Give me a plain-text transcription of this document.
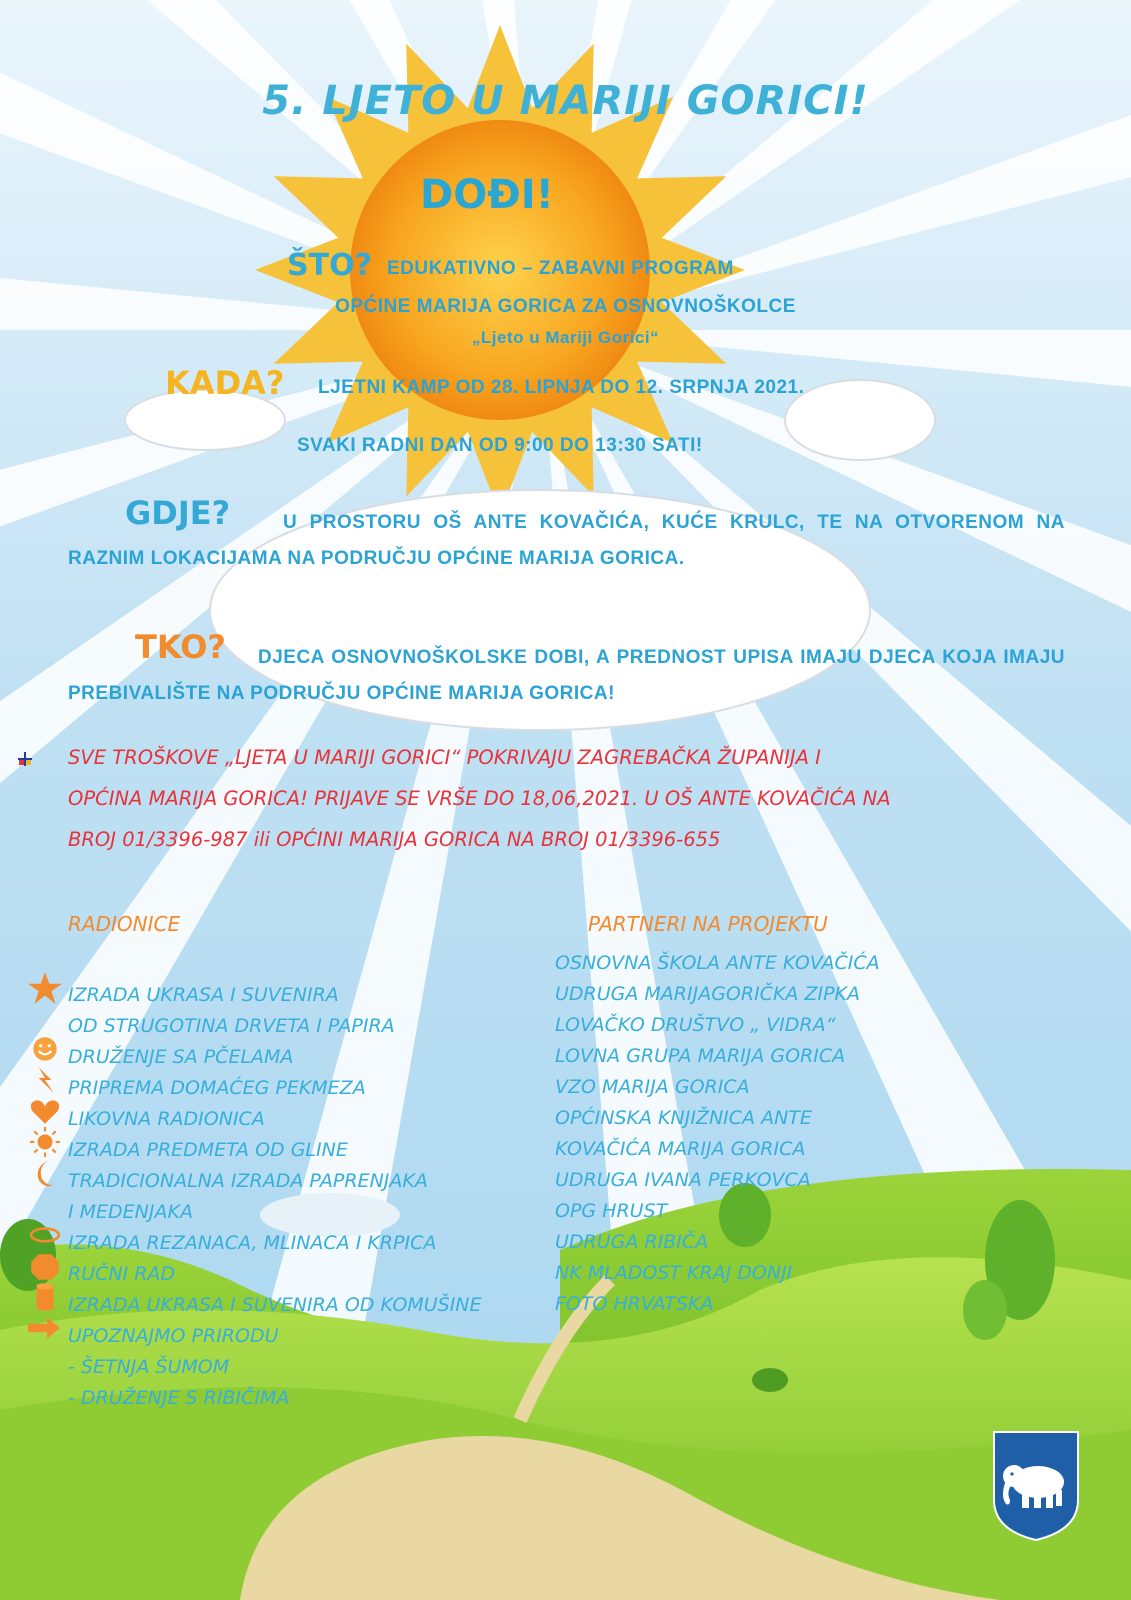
5. LJETO U MARIJI GORICI!
DOĐI!
ŠTO? EDUKATIVNO – ZABAVNI PROGRAM
OPĆINE MARIJA GORICA ZA OSNOVNOŠKOLCE
„Ljeto u Mariji Gorici“
KADA? LJETNI KAMP OD 28. LIPNJA DO 12. SRPNJA 2021.
SVAKI RADNI DAN OD 9:00 DO 13:30 SATI!
GDJE?	U PROSTORU OŠ ANTE KOVAČIĆA, KUĆE KRULC, TE NA OTVORENOM NA RAZNIM LOKACIJAMA NA PODRUČJU OPĆINE MARIJA GORICA.
TKO?	DJECA OSNOVNOŠKOLSKE DOBI, A PREDNOST UPISA IMAJU DJECA KOJA IMAJU PREBIVALIŠTE NA PODRUČJU OPĆINE MARIJA GORICA!
SVE TROŠKOVE „LJETA U MARIJI GORICI“ POKRIVAJU ZAGREBAČKA ŽUPANIJA I
OPĆINA MARIJA GORICA! PRIJAVE SE VRŠE DO 18,06,2021. U OŠ ANTE KOVAČIĆA NA
BROJ 01/3396-987 ili OPĆINI MARIJA GORICA NA BROJ 01/3396-655
RADIONICE
IZRADA UKRASA I SUVENIRA
OD STRUGOTINA DRVETA I PAPIRA
DRUŽENJE SA PČELAMA
PRIPREMA DOMAĆEG PEKMEZA
LIKOVNA RADIONICA
IZRADA PREDMETA OD GLINE
TRADICIONALNA IZRADA PAPRENJAKA
I MEDENJAKA
IZRADA REZANACA, MLINACA I KRPICA
RUČNI RAD
IZRADA UKRASA I SUVENIRA OD KOMUŠINE
UPOZNAJMO PRIRODU
- ŠETNJA ŠUMOM
- DRUŽENJE S RIBIČIMA
PARTNERI NA PROJEKTU
OSNOVNA ŠKOLA ANTE KOVAČIĆA
UDRUGA MARIJAGORIČKA ZIPKA
LOVAČKO DRUŠTVO „ VIDRA“
LOVNA GRUPA MARIJA GORICA
VZO MARIJA GORICA
OPĆINSKA KNJIŽNICA ANTE
KOVAČIĆA MARIJA GORICA
UDRUGA IVANA PERKOVCA
OPG HRUST
UDRUGA RIBIČA
NK MLADOST KRAJ DONJI
FOTO HRVATSKA
